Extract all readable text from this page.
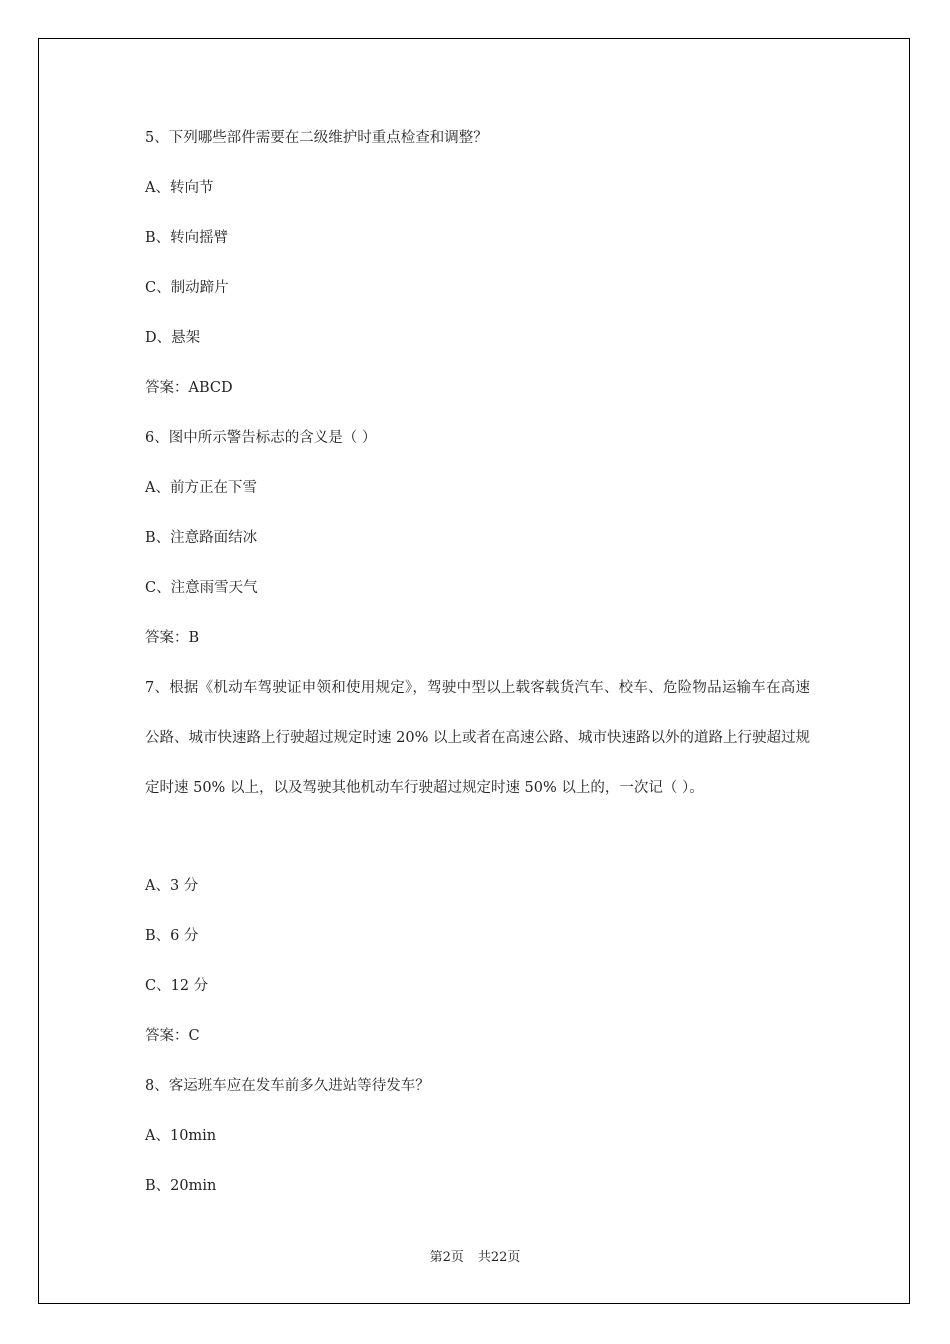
5、下列哪些部件需要在二级维护时重点检查和调整？
A、转向节
B、转向摇臂
C、制动蹄片
D、悬架
答案：ABCD
6、图中所示警告标志的含义是（ ）
A、前方正在下雪
B、注意路面结冰
C、注意雨雪天气
答案：B
7、根据《机动车驾驶证申领和使用规定》，驾驶中型以上载客载货汽车、校车、危险物品运输车在高速公路、城市快速路上行驶超过规定时速 20% 以上或者在高速公路、城市快速路以外的道路上行驶超过规定时速 50% 以上，以及驾驶其他机动车行驶超过规定时速 50% 以上的，一次记（ ）。
A、3 分
B、6 分
C、12 分
答案：C
8、客运班车应在发车前多久进站等待发车？
A、10min
B、20min
第2页 共22页
